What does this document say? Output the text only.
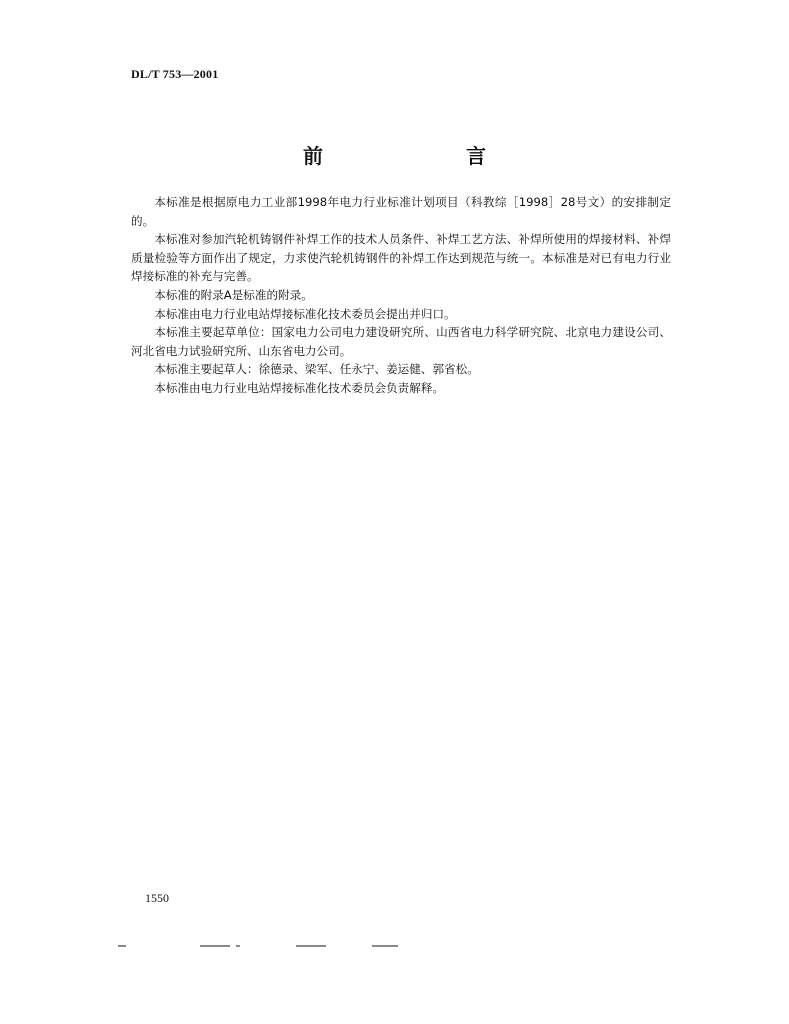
DL/T 753—2001
前 言

本标准是根据原电力工业部1998年电力行业标准计划项目（科教综［1998］28号文）的安排制定的。

本标准对参加汽轮机铸钢件补焊工作的技术人员条件、补焊工艺方法、补焊所使用的焊接材料、补焊质量检验等方面作出了规定，力求使汽轮机铸钢件的补焊工作达到规范与统一。本标准是对已有电力行业焊接标准的补充与完善。

本标准的附录A是标准的附录。

本标准由电力行业电站焊接标准化技术委员会提出并归口。

本标准主要起草单位：国家电力公司电力建设研究所、山西省电力科学研究院、北京电力建设公司、河北省电力试验研究所、山东省电力公司。

本标准主要起草人：徐德录、梁军、任永宁、姜运健、郭省松。

本标准由电力行业电站焊接标准化技术委员会负责解释。

1550
